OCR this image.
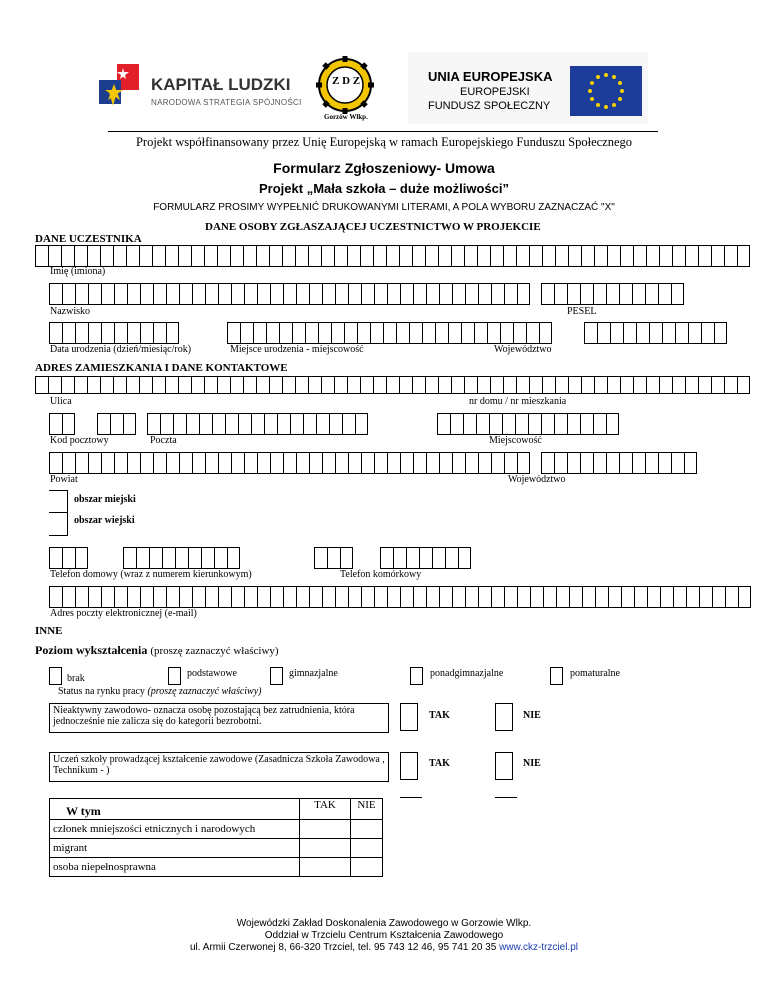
KAPITAŁ LUDZKI
NARODOWA STRATEGIA SPÓJNOŚCI
Z D Z
Gorzów Wlkp.
UNIA EUROPEJSKA
EUROPEJSKI
FUNDUSZ SPOŁECZNY
Projekt współfinansowany przez Unię Europejską w ramach Europejskiego Funduszu Społecznego
Formularz Zgłoszeniowy- Umowa
Projekt „Mała szkoła – duże możliwości”
FORMULARZ PROSIMY WYPEŁNIĆ DRUKOWANYMI LITERAMI, A POLA WYBORU ZAZNACZAĆ "X"
DANE OSOBY ZGŁASZAJĄCEJ UCZESTNICTWO W PROJEKCIE
DANE UCZESTNIKA
Imię (imiona)
Nazwisko	PESEL
Data urodzenia (dzień/miesiąc/rok)	Miejsce urodzenia - miejscowość	Województwo
ADRES ZAMIESZKANIA I DANE KONTAKTOWE
Ulica	nr domu / nr mieszkania
Kod pocztowy	Poczta	Miejscowość
Powiat	Województwo
obszar miejski
obszar wiejski
Telefon domowy (wraz z numerem kierunkowym)	Telefon komórkowy
Adres poczty elektronicznej (e-mail)
INNE
Poziom wykształcenia (proszę zaznaczyć właściwy)
brak	podstawowe	gimnazjalne	ponadgimnazjalne	pomaturalne
Status na rynku pracy (proszę zaznaczyć właściwy)
Nieaktywny zawodowo- oznacza osobę pozostającą bez zatrudnienia, która jednocześnie nie zalicza się do kategorii bezrobotni.
TAK	NIE
Uczeń szkoły prowadzącej kształcenie zawodowe (Zasadnicza Szkoła Zawodowa , Technikum - )
TAK	NIE
W tym	TAK	NIE
członek mniejszości etnicznych i narodowych		
migrant		
osoba niepełnosprawna		
Wojewódzki Zakład Doskonalenia Zawodowego w Gorzowie Wlkp.
Oddział w Trzcielu Centrum Kształcenia Zawodowego
ul. Armii Czerwonej 8, 66-320 Trzciel, tel. 95 743 12 46, 95 741 20 35 www.ckz-trzciel.pl
